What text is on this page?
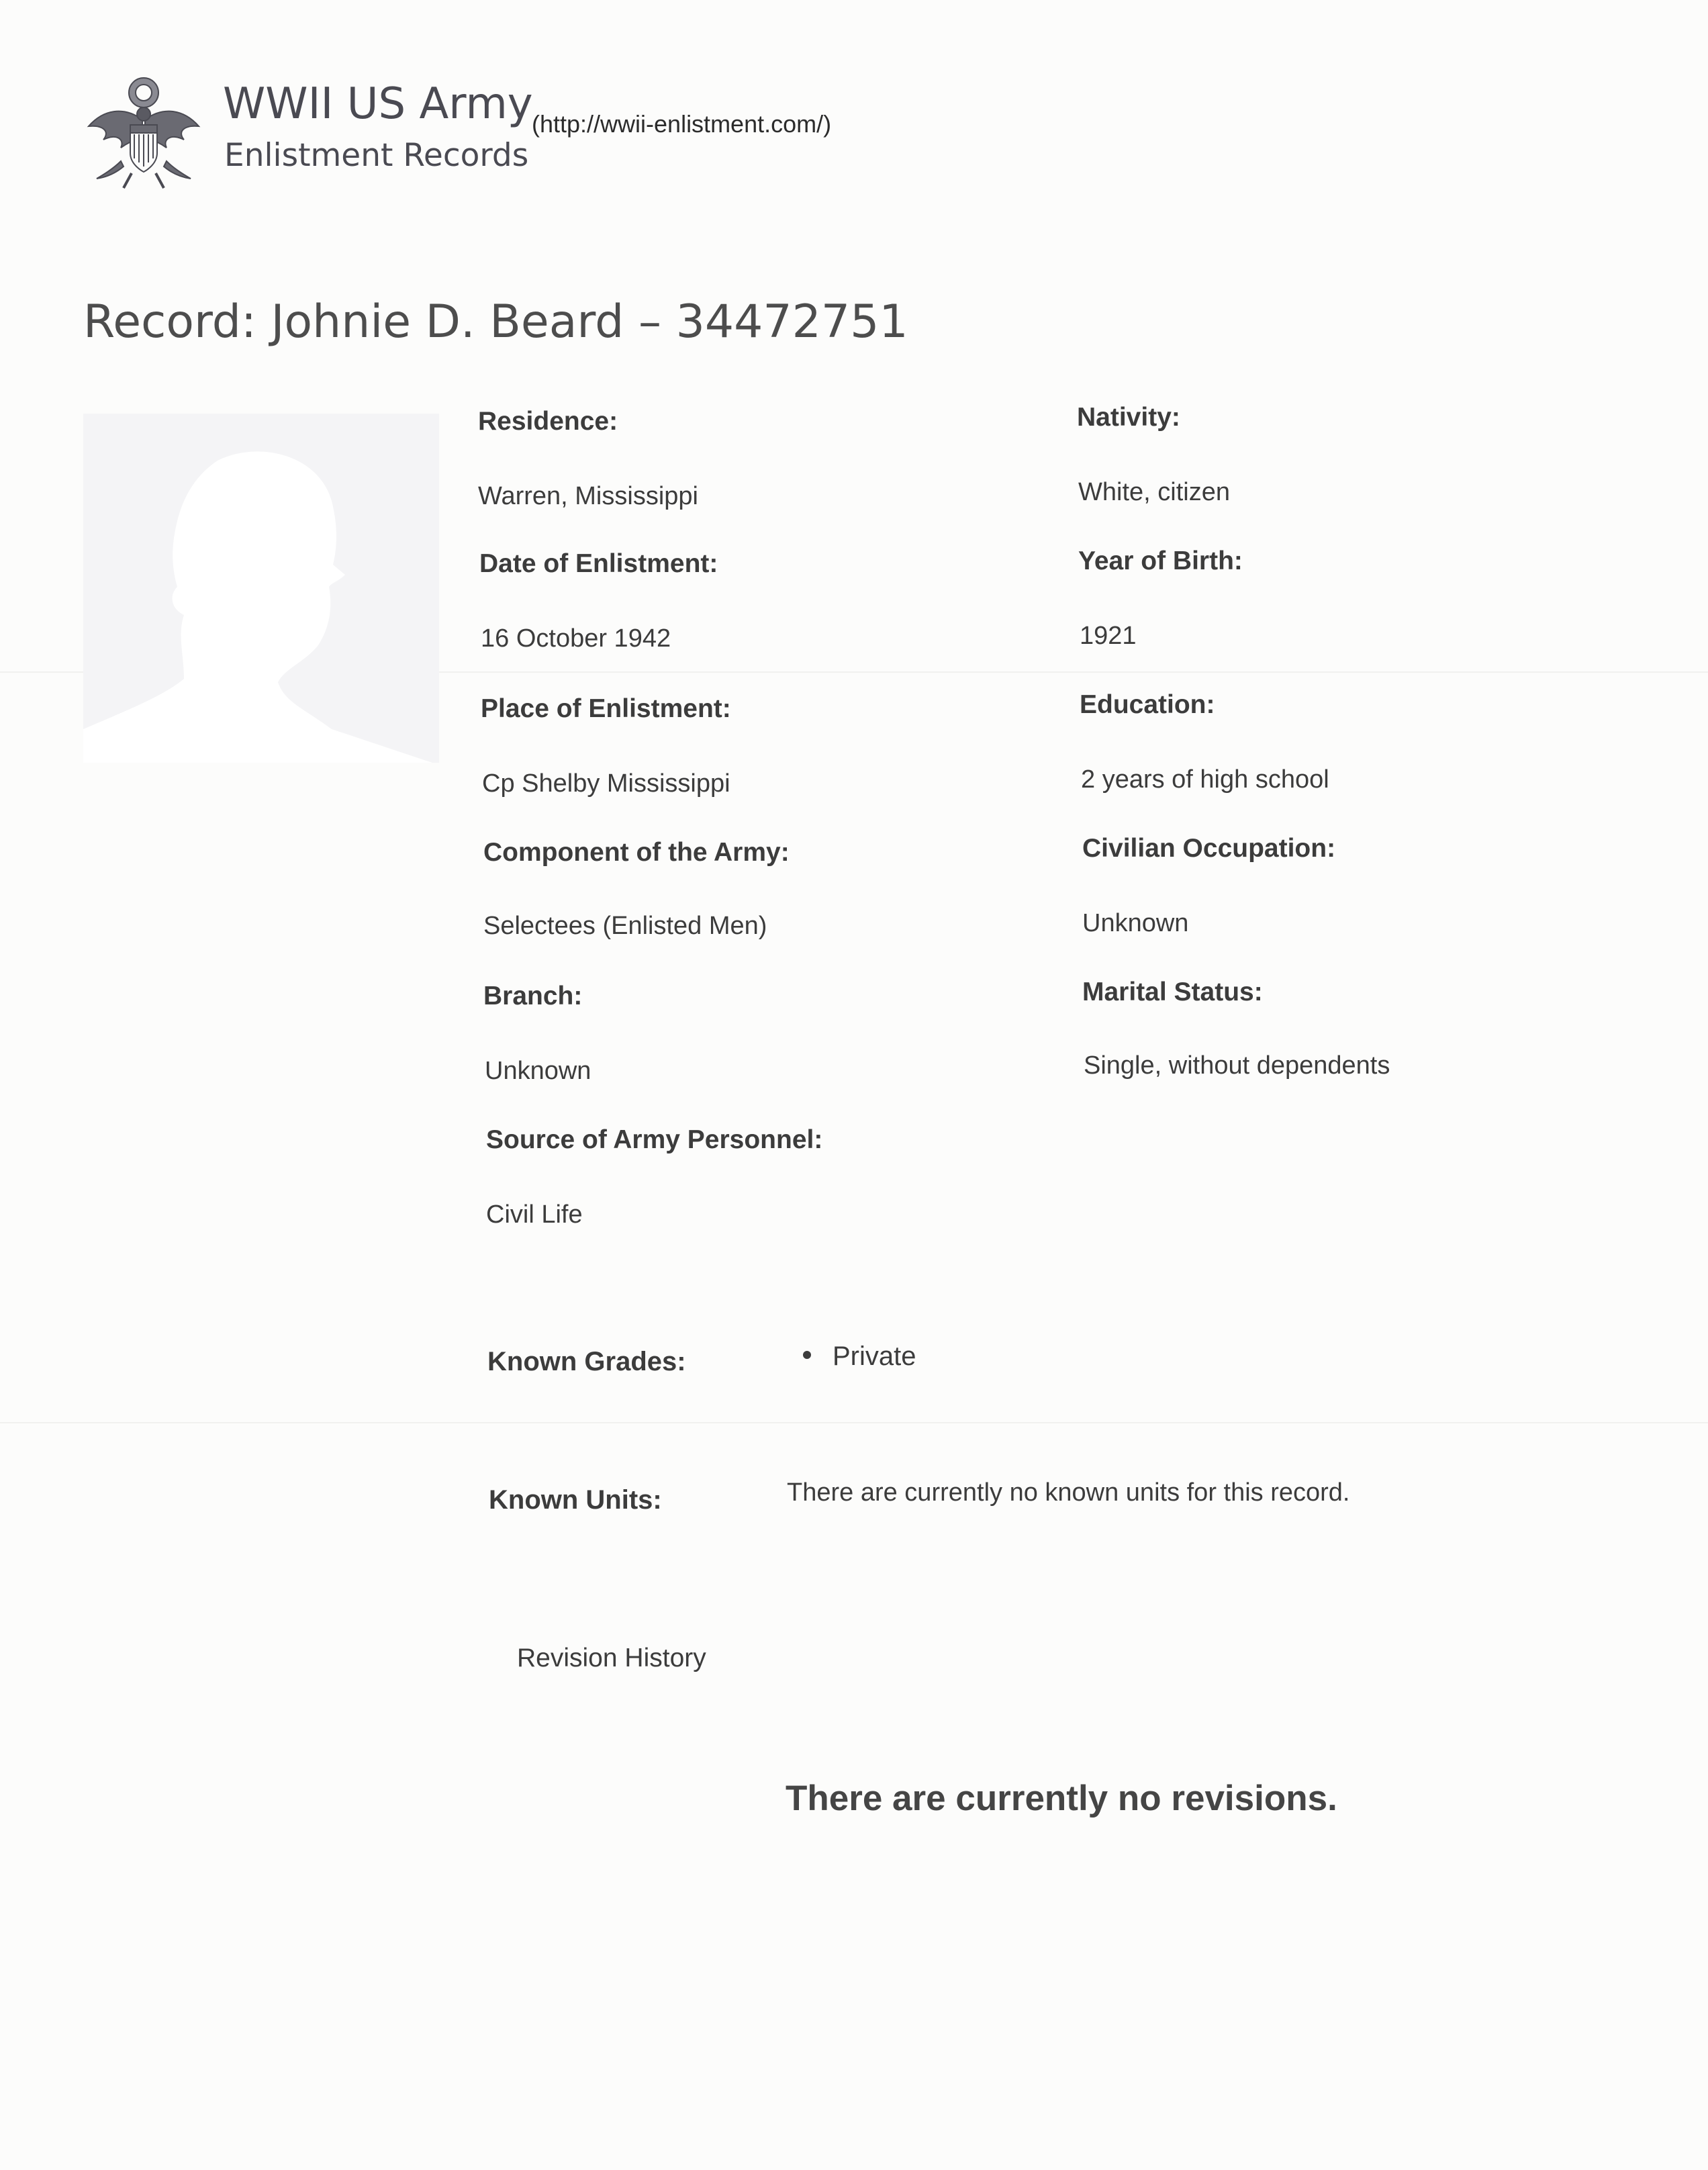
WWII US Army
Enlistment Records
(http://wwii-enlistment.com/)
Record: Johnie D. Beard – 34472751
Residence:
Warren, Mississippi
Date of Enlistment:
16 October 1942
Place of Enlistment:
Cp Shelby Mississippi
Component of the Army:
Selectees (Enlisted Men)
Branch:
Unknown
Source of Army Personnel:
Civil Life
Nativity:
White, citizen
Year of Birth:
1921
Education:
2 years of high school
Civilian Occupation:
Unknown
Marital Status:
Single, without dependents
Known Grades:	Private
Known Units:	There are currently no known units for this record.
Revision History
There are currently no revisions.
